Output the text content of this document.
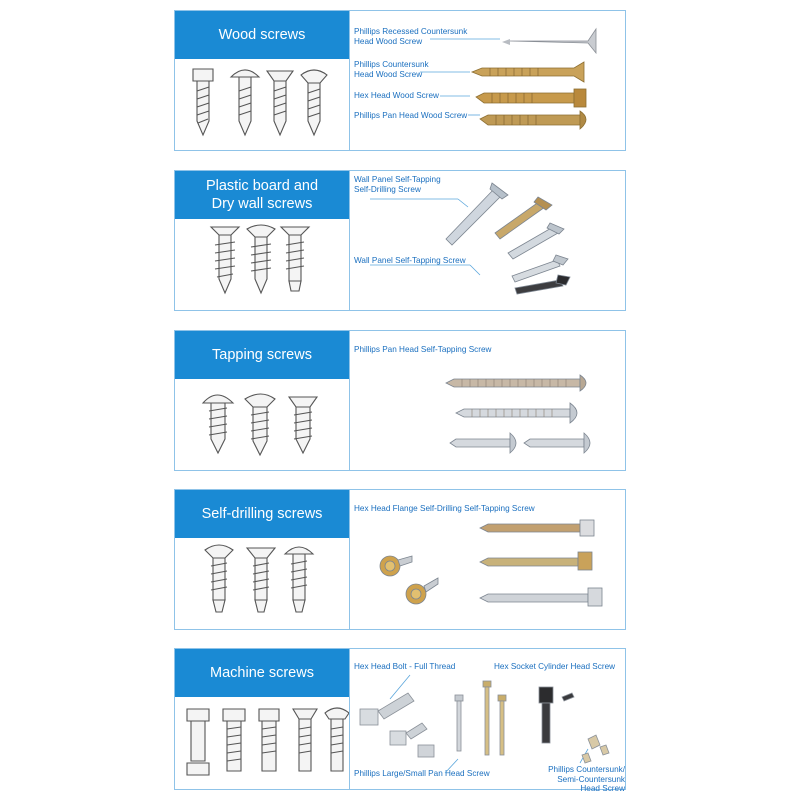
Wood screws	Phillips Recessed Countersunk
Head Wood Screw
Phillips Countersunk
Head Wood Screw
Hex Head Wood Screw
Phillips Pan Head Wood Screw
Plastic board and
Dry wall screws
Wall Panel Self-Tapping
Self-Drilling Screw
Wall Panel Self-Tapping Screw
Tapping screws	Phillips Pan Head Self-Tapping Screw
Self-drilling screws	Hex Head Flange Self-Drilling Self-Tapping Screw
Machine screws	Hex Head Bolt - Full Thread	Hex Socket Cylinder Head Screw
Phillips Large/Small Pan Head Screw	Phillips Countersunk/
Semi-Countersunk Head Screw
